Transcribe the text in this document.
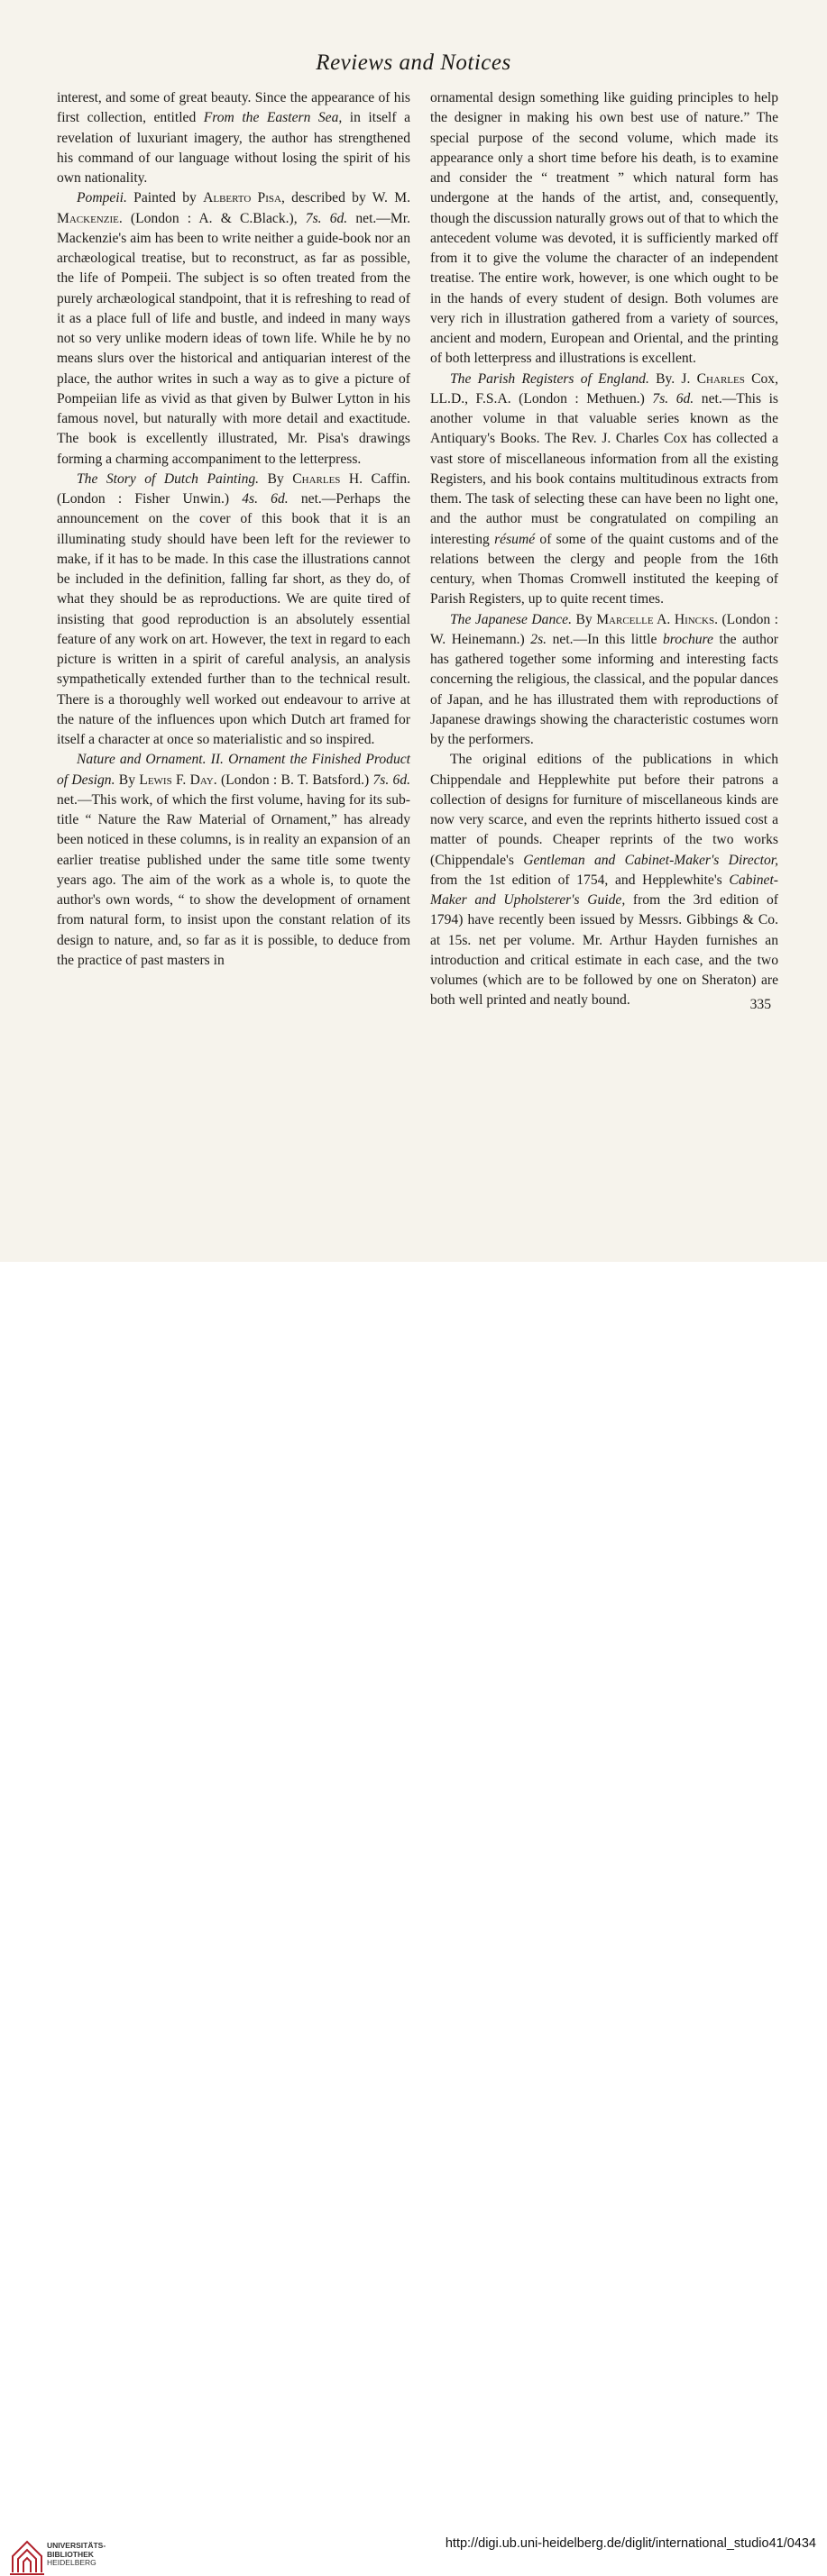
Reviews and Notices

interest, and some of great beauty. Since the appearance of his first collection, entitled From the Eastern Sea, in itself a revelation of luxuriant imagery, the author has strengthened his command of our language without losing the spirit of his own nationality.

Pompeii. Painted by Alberto Pisa, described by W. M. Mackenzie. (London : A. & C.Black.), 7s. 6d. net.—Mr. Mackenzie's aim has been to write neither a guide-book nor an archæological treatise, but to reconstruct, as far as possible, the life of Pompeii. The subject is so often treated from the purely archæological standpoint, that it is refreshing to read of it as a place full of life and bustle, and indeed in many ways not so very unlike modern ideas of town life. While he by no means slurs over the historical and antiquarian interest of the place, the author writes in such a way as to give a picture of Pompeiian life as vivid as that given by Bulwer Lytton in his famous novel, but naturally with more detail and exactitude. The book is excellently illustrated, Mr. Pisa's drawings forming a charming accompaniment to the letterpress.

The Story of Dutch Painting. By Charles H. Caffin. (London : Fisher Unwin.) 4s. 6d. net.—Perhaps the announcement on the cover of this book that it is an illuminating study should have been left for the reviewer to make, if it has to be made. In this case the illustrations cannot be included in the definition, falling far short, as they do, of what they should be as reproductions. We are quite tired of insisting that good reproduction is an absolutely essential feature of any work on art. However, the text in regard to each picture is written in a spirit of careful analysis, an analysis sympathetically extended further than to the technical result. There is a thoroughly well worked out endeavour to arrive at the nature of the influences upon which Dutch art framed for itself a character at once so materialistic and so inspired.

Nature and Ornament. II. Ornament the Finished Product of Design. By Lewis F. Day. (London : B. T. Batsford.) 7s. 6d. net.—This work, of which the first volume, having for its sub-title “ Nature the Raw Material of Ornament,” has already been noticed in these columns, is in reality an expansion of an earlier treatise published under the same title some twenty years ago. The aim of the work as a whole is, to quote the author's own words, “ to show the development of ornament from natural form, to insist upon the constant relation of its design to nature, and, so far as it is possible, to deduce from the practice of past masters in

ornamental design something like guiding principles to help the designer in making his own best use of nature.” The special purpose of the second volume, which made its appearance only a short time before his death, is to examine and consider the “ treatment ” which natural form has undergone at the hands of the artist, and, consequently, though the discussion naturally grows out of that to which the antecedent volume was devoted, it is sufficiently marked off from it to give the volume the character of an independent treatise. The entire work, however, is one which ought to be in the hands of every student of design. Both volumes are very rich in illustration gathered from a variety of sources, ancient and modern, European and Oriental, and the printing of both letterpress and illustrations is excellent.

The Parish Registers of England. By. J. Charles Cox, LL.D., F.S.A. (London : Methuen.) 7s. 6d. net.—This is another volume in that valuable series known as the Antiquary's Books. The Rev. J. Charles Cox has collected a vast store of miscellaneous information from all the existing Registers, and his book contains multitudinous extracts from them. The task of selecting these can have been no light one, and the author must be congratulated on compiling an interesting résumé of some of the quaint customs and of the relations between the clergy and people from the 16th century, when Thomas Cromwell instituted the keeping of Parish Registers, up to quite recent times.

The Japanese Dance. By Marcelle A. Hincks. (London : W. Heinemann.) 2s. net.—In this little brochure the author has gathered together some informing and interesting facts concerning the religious, the classical, and the popular dances of Japan, and he has illustrated them with reproductions of Japanese drawings showing the characteristic costumes worn by the performers.

The original editions of the publications in which Chippendale and Hepplewhite put before their patrons a collection of designs for furniture of miscellaneous kinds are now very scarce, and even the reprints hitherto issued cost a matter of pounds. Cheaper reprints of the two works (Chippendale's Gentleman and Cabinet-Maker's Director, from the 1st edition of 1754, and Hepplewhite's Cabinet-Maker and Upholsterer's Guide, from the 3rd edition of 1794) have recently been issued by Messrs. Gibbings & Co. at 15s. net per volume. Mr. Arthur Hayden furnishes an introduction and critical estimate in each case, and the two volumes (which are to be followed by one on Sheraton) are both well printed and neatly bound.	335
UNIVERSITÄTS-
BIBLIOTHEK
HEIDELBERG
http://digi.ub.uni-heidelberg.de/diglit/international_studio41/0434
